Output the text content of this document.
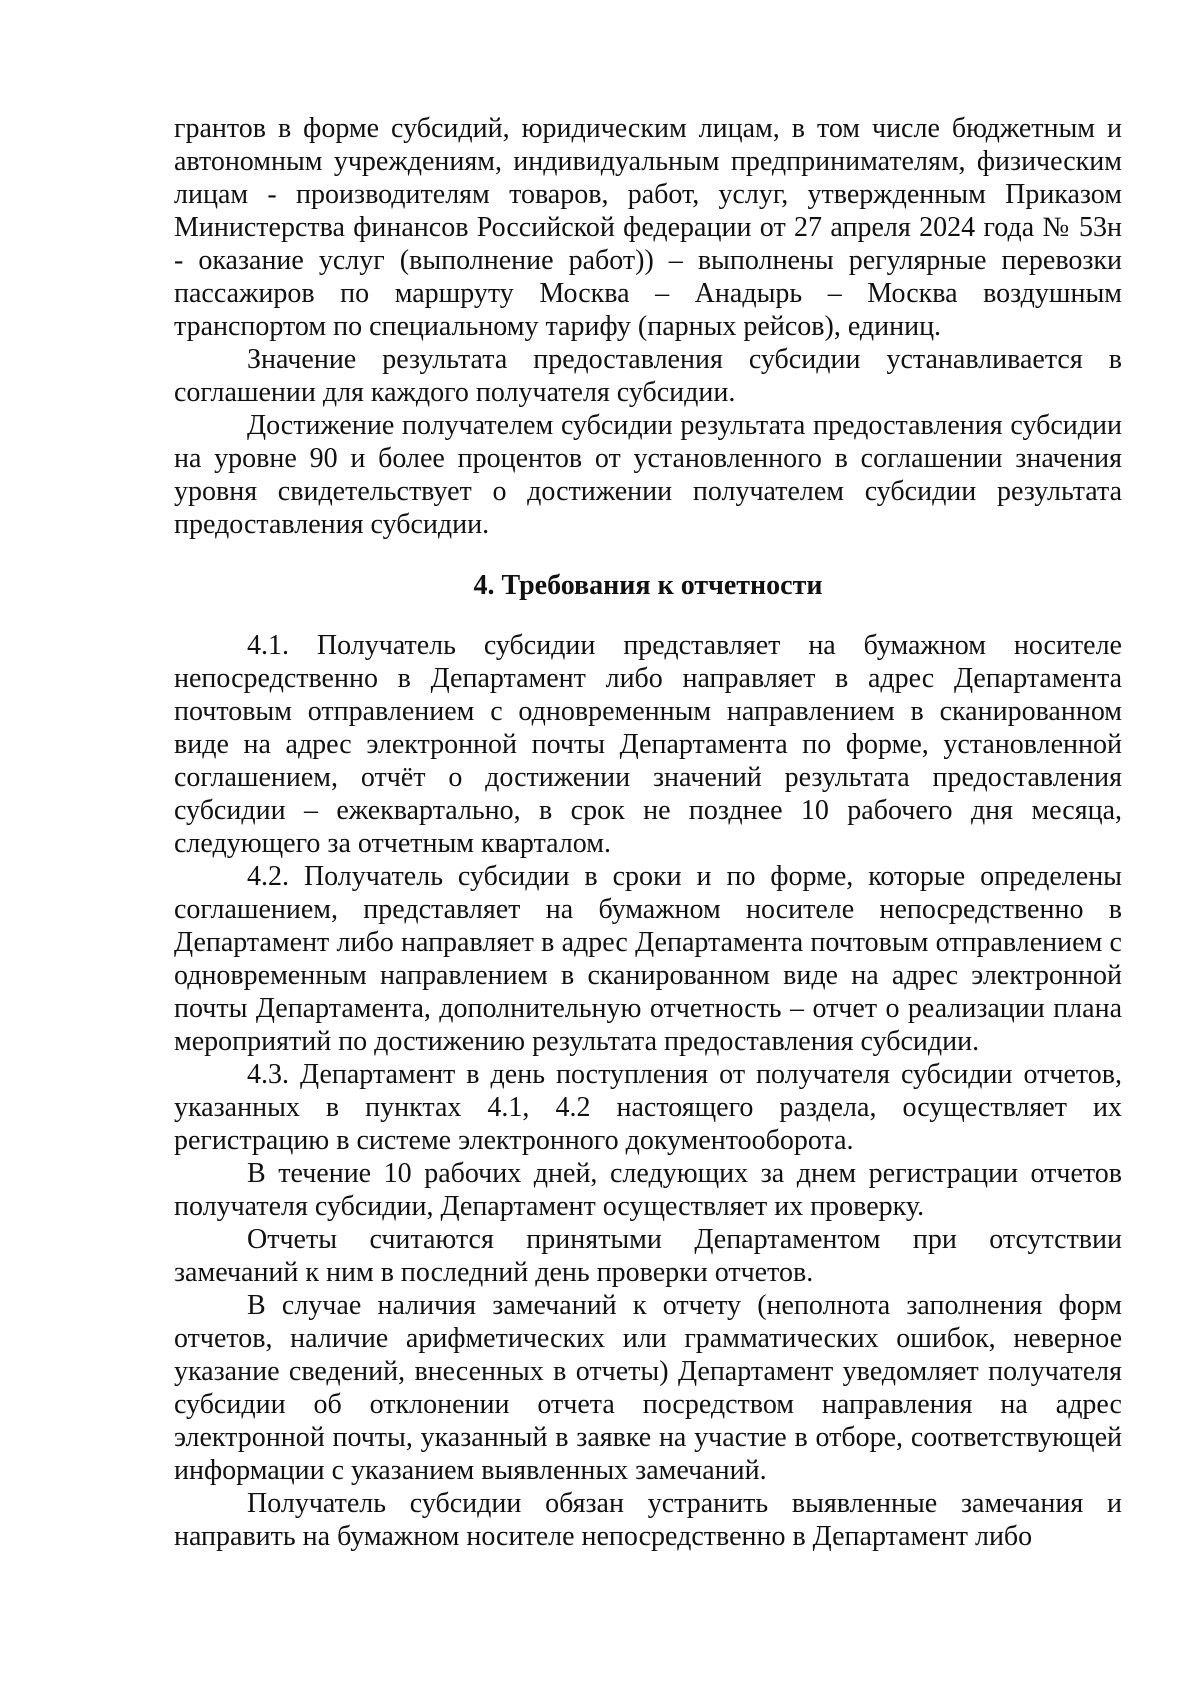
грантов в форме субсидий, юридическим лицам, в том числе бюджетным и автономным учреждениям, индивидуальным предпринимателям, физическим лицам - производителям товаров, работ, услуг, утвержденным Приказом Министерства финансов Российской федерации от 27 апреля 2024 года № 53н - оказание услуг (выполнение работ)) – выполнены регулярные перевозки пассажиров по маршруту Москва – Анадырь – Москва воздушным транспортом по специальному тарифу (парных рейсов), единиц.

Значение результата предоставления субсидии устанавливается в соглашении для каждого получателя субсидии.

Достижение получателем субсидии результата предоставления субсидии на уровне 90 и более процентов от установленного в соглашении значения уровня свидетельствует о достижении получателем субсидии результата предоставления субсидии.

4. Требования к отчетности

4.1. Получатель субсидии представляет на бумажном носителе непосредственно в Департамент либо направляет в адрес Департамента почтовым отправлением с одновременным направлением в сканированном виде на адрес электронной почты Департамента по форме, установленной соглашением, отчёт о достижении значений результата предоставления субсидии – ежеквартально, в срок не позднее 10 рабочего дня месяца, следующего за отчетным кварталом.

4.2. Получатель субсидии в сроки и по форме, которые определены соглашением, представляет на бумажном носителе непосредственно в Департамент либо направляет в адрес Департамента почтовым отправлением с одновременным направлением в сканированном виде на адрес электронной почты Департамента, дополнительную отчетность – отчет о реализации плана мероприятий по достижению результата предоставления субсидии.

4.3. Департамент в день поступления от получателя субсидии отчетов, указанных в пунктах 4.1, 4.2 настоящего раздела, осуществляет их регистрацию в системе электронного документооборота.

В течение 10 рабочих дней, следующих за днем регистрации отчетов получателя субсидии, Департамент осуществляет их проверку.

Отчеты считаются принятыми Департаментом при отсутствии замечаний к ним в последний день проверки отчетов.

В случае наличия замечаний к отчету (неполнота заполнения форм отчетов, наличие арифметических или грамматических ошибок, неверное указание сведений, внесенных в отчеты) Департамент уведомляет получателя субсидии об отклонении отчета посредством направления на адрес электронной почты, указанный в заявке на участие в отборе, соответствующей информации с указанием выявленных замечаний.

Получатель субсидии обязан устранить выявленные замечания и направить на бумажном носителе непосредственно в Департамент либо
